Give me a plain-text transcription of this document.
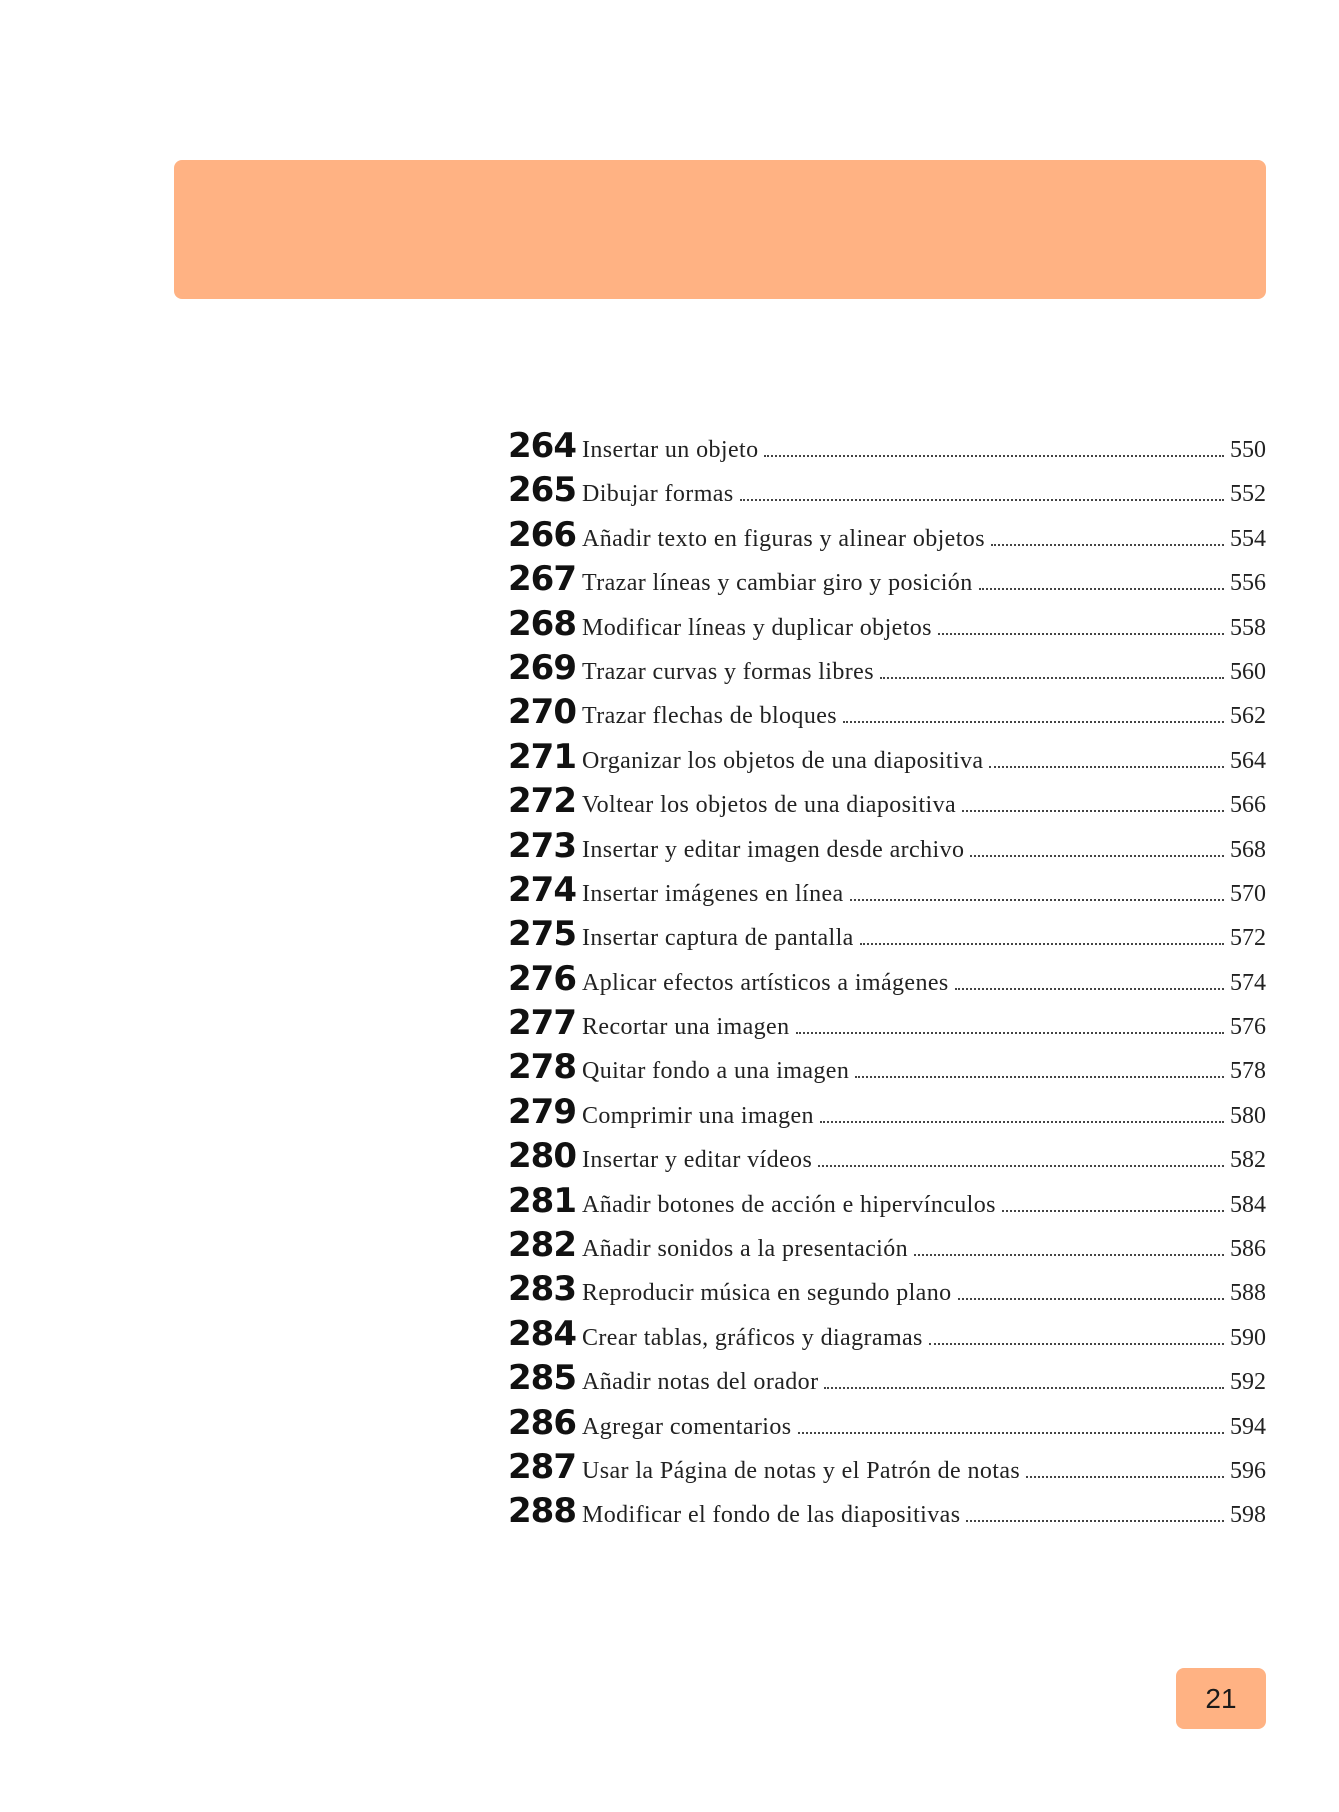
264 Insertar un objeto	550
265 Dibujar formas	552
266 Añadir texto en figuras y alinear objetos	554
267 Trazar líneas y cambiar giro y posición	556
268 Modificar líneas y duplicar objetos	558
269 Trazar curvas y formas libres	560
270 Trazar flechas de bloques	562
271 Organizar los objetos de una diapositiva	564
272 Voltear los objetos de una diapositiva	566
273 Insertar y editar imagen desde archivo	568
274 Insertar imágenes en línea	570
275 Insertar captura de pantalla	572
276 Aplicar efectos artísticos a imágenes	574
277 Recortar una imagen	576
278 Quitar fondo a una imagen	578
279 Comprimir una imagen	580
280 Insertar y editar vídeos	582
281 Añadir botones de acción e hipervínculos	584
282 Añadir sonidos a la presentación	586
283 Reproducir música en segundo plano	588
284 Crear tablas, gráficos y diagramas	590
285 Añadir notas del orador	592
286 Agregar comentarios	594
287 Usar la Página de notas y el Patrón de notas	596
288 Modificar el fondo de las diapositivas	598
21
